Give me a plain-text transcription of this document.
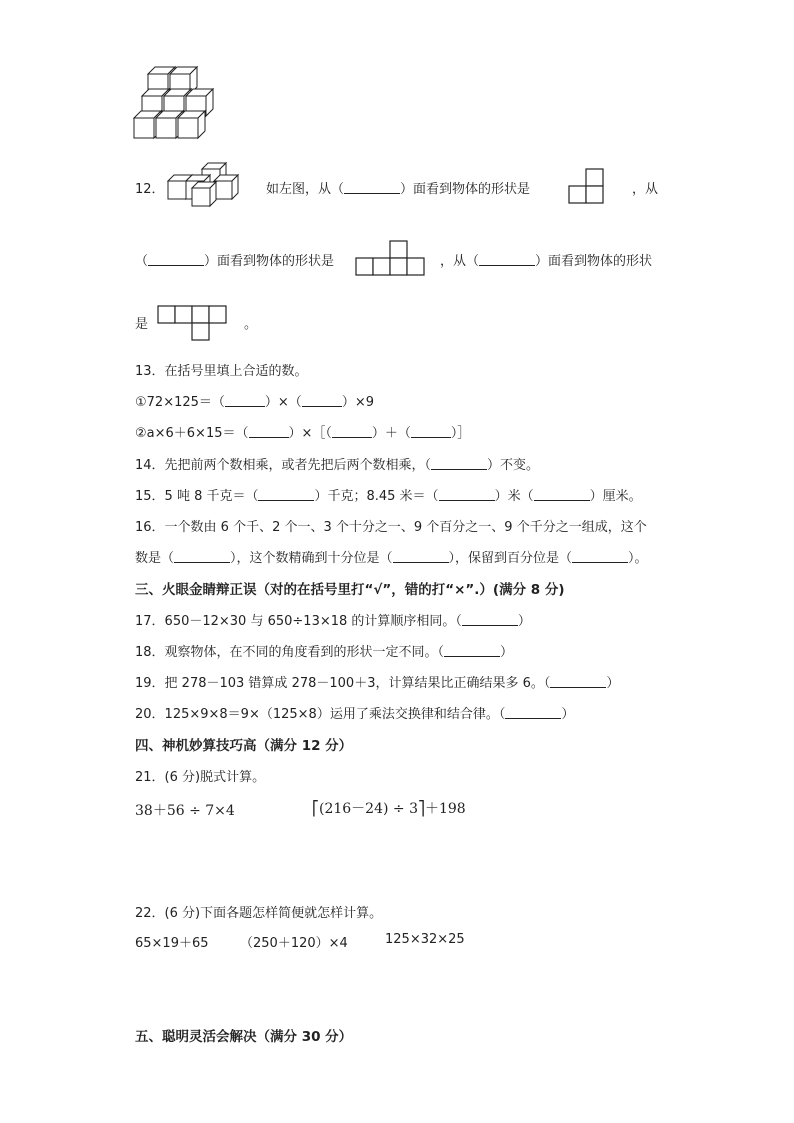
12．	如左图，从（	）面看到物体的形状是	，从
（	）面看到物体的形状是	，从（	）面看到物体的形状
是	。
13．在括号里填上合适的数。
①72×125＝（	）×（	）×9
②a×6＋6×15＝（	）×［（	）＋（	）］
14．先把前两个数相乘，或者先把后两个数相乘，（	）不变。
15．5 吨 8 千克＝（	）千克；8.45 米＝（	）米（	）厘米。
16．一个数由 6 个千、2 个一、3 个十分之一、9 个百分之一、9 个千分之一组成，这个
数是（	），这个数精确到十分位是（	），保留到百分位是（	）。
三、火眼金睛辩正误（对的在括号里打“√”，错的打“×”.）(满分 8 分)
17．650－12×30 与 650÷13×18 的计算顺序相同。（	）
18．观察物体，在不同的角度看到的形状一定不同。（	）
19．把 278－103 错算成 278－100＋3，计算结果比正确结果多 6。（	）
20．125×9×8＝9×（125×8）运用了乘法交换律和结合律。（	）
四、神机妙算技巧高（满分 12 分）
21．(6 分)脱式计算。
38＋56 ÷ 7×4	⎡(216－24) ÷ 3⎤＋198
22．(6 分)下面各题怎样简便就怎样计算。
65×19＋65 （250＋120）×4	125×32×25
五、聪明灵活会解决（满分 30 分）
